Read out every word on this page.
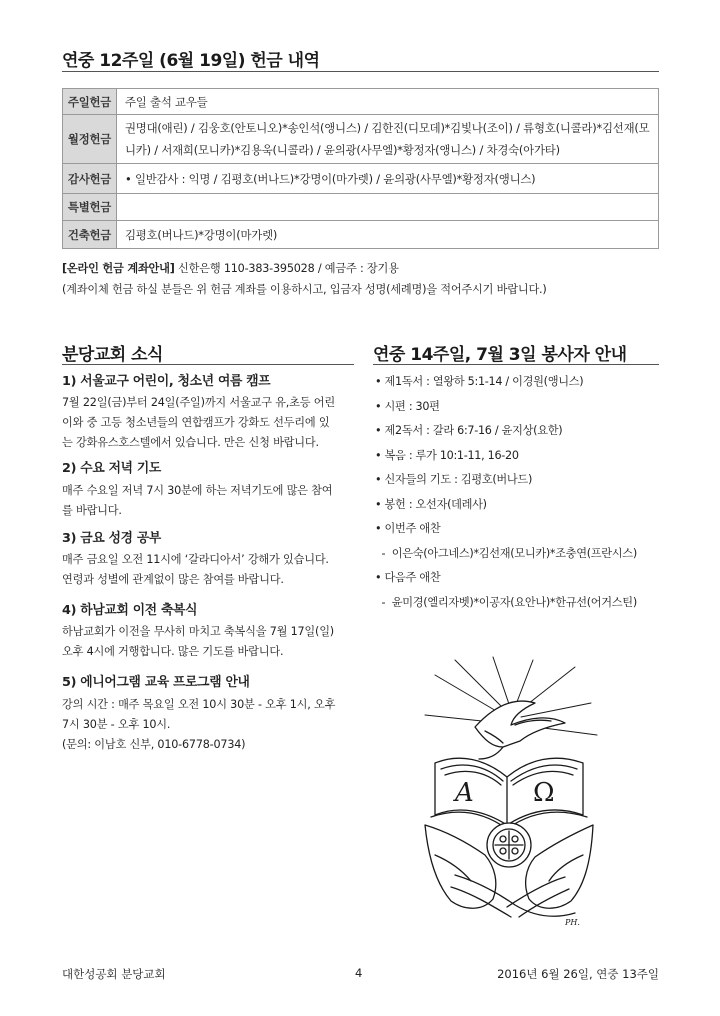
연중 12주일 (6월 19일) 헌금 내역
주일헌금	주일 출석 교우들
월정헌금	권명대(애린) / 김웅호(안토니오)*송인석(앵니스) / 김한진(디모데)*김빛나(조이) / 류형호(니콜라)*김선재(모니카) / 서재희(모니카)*김용욱(니콜라) / 윤의광(사무엘)*황정자(앵니스) / 차경숙(아가타)
감사헌금	• 일반감사 : 익명 / 김평호(버나드)*강명이(마가렛) / 윤의광(사무엘)*황정자(앵니스)
특별헌금	
건축헌금	김평호(버나드)*강명이(마가렛)
[온라인 헌금 계좌안내] 신한은행 110-383-395028 / 예금주 : 장기용
(계좌이체 헌금 하실 분들은 위 헌금 계좌를 이용하시고, 입금자 성명(세례명)을 적어주시기 바랍니다.)
분당교회 소식
1) 서울교구 어린이, 청소년 여름 캠프
7월 22일(금)부터 24일(주일)까지 서울교구 유,초등 어린
이와 중 고등 청소년들의 연합캠프가 강화도 선두리에 있
는 강화유스호스텔에서 있습니다. 만은 신청 바랍니다.
2) 수요 저녁 기도
매주 수요일 저녁 7시 30분에 하는 저녁기도에 많은 참여
를 바랍니다.
3) 금요 성경 공부
매주 금요일 오전 11시에 ‘갈라디아서’ 강해가 있습니다.
연령과 성별에 관계없이 많은 참여를 바랍니다.
4) 하남교회 이전 축복식
하남교회가 이전을 무사히 마치고 축복식을 7월 17일(일)
오후 4시에 거행합니다. 많은 기도를 바랍니다.
5) 에니어그램 교육 프로그램 안내
강의 시간 : 매주 목요일 오전 10시 30분 - 오후 1시, 오후
7시 30분 - 오후 10시.
(문의: 이남호 신부, 010-6778-0734)
연중 14주일, 7월 3일 봉사자 안내
• 제1독서 : 열왕하 5:1-14 / 이경원(앵니스)
• 시편 : 30편
• 제2독서 : 갈라 6:7-16 / 윤지상(요한)
• 복음 : 루가 10:1-11, 16-20
• 신자들의 기도 : 김평호(버나드)
• 봉헌 : 오선자(데레사)
• 이번주 애찬
-  이은숙(아그네스)*김선재(모니카)*조충연(프란시스)
• 다음주 애찬
-  윤미경(엘리자벳)*이공자(요안나)*한규선(어거스틴)
A Ω
PH.
대한성공회 분당교회	4	2016년 6월 26일, 연중 13주일
